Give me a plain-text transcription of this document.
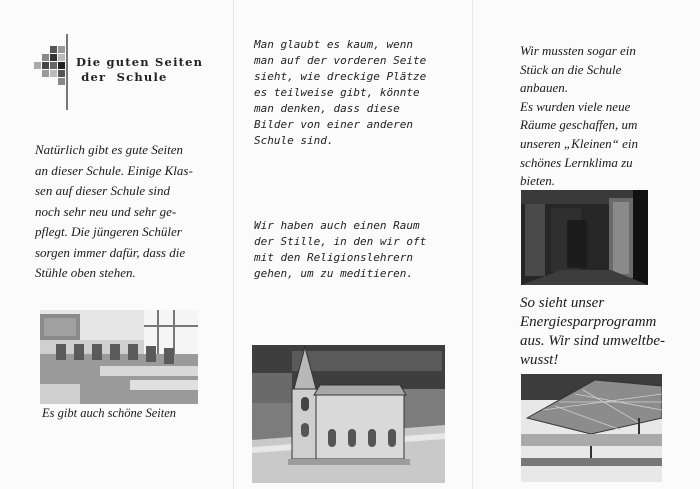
Die guten Seiten
der  Schule
Natürlich gibt es gute Seiten
an dieser Schule. Einige Klas-
sen auf dieser Schule sind
noch sehr neu und sehr ge-
pflegt. Die jüngeren Schüler
sorgen immer dafür, dass die
Stühle oben stehen.
Es gibt auch schöne Seiten
Man glaubt es kaum, wenn
man auf der vorderen Seite
sieht, wie dreckige Plätze
es teilweise gibt, könnte
man denken, dass diese
Bilder von einer anderen
Schule sind.
Wir haben auch einen Raum
der Stille, in den wir oft
mit den Religionslehrern
gehen, um zu meditieren.
Wir mussten sogar ein
Stück an die Schule
anbauen.
Es wurden viele neue
Räume geschaffen, um
unseren „Kleinen“ ein
schönes Lernklima zu
bieten.
So sieht unser
Energiesparprogramm
aus. Wir sind umweltbe-
wusst!
